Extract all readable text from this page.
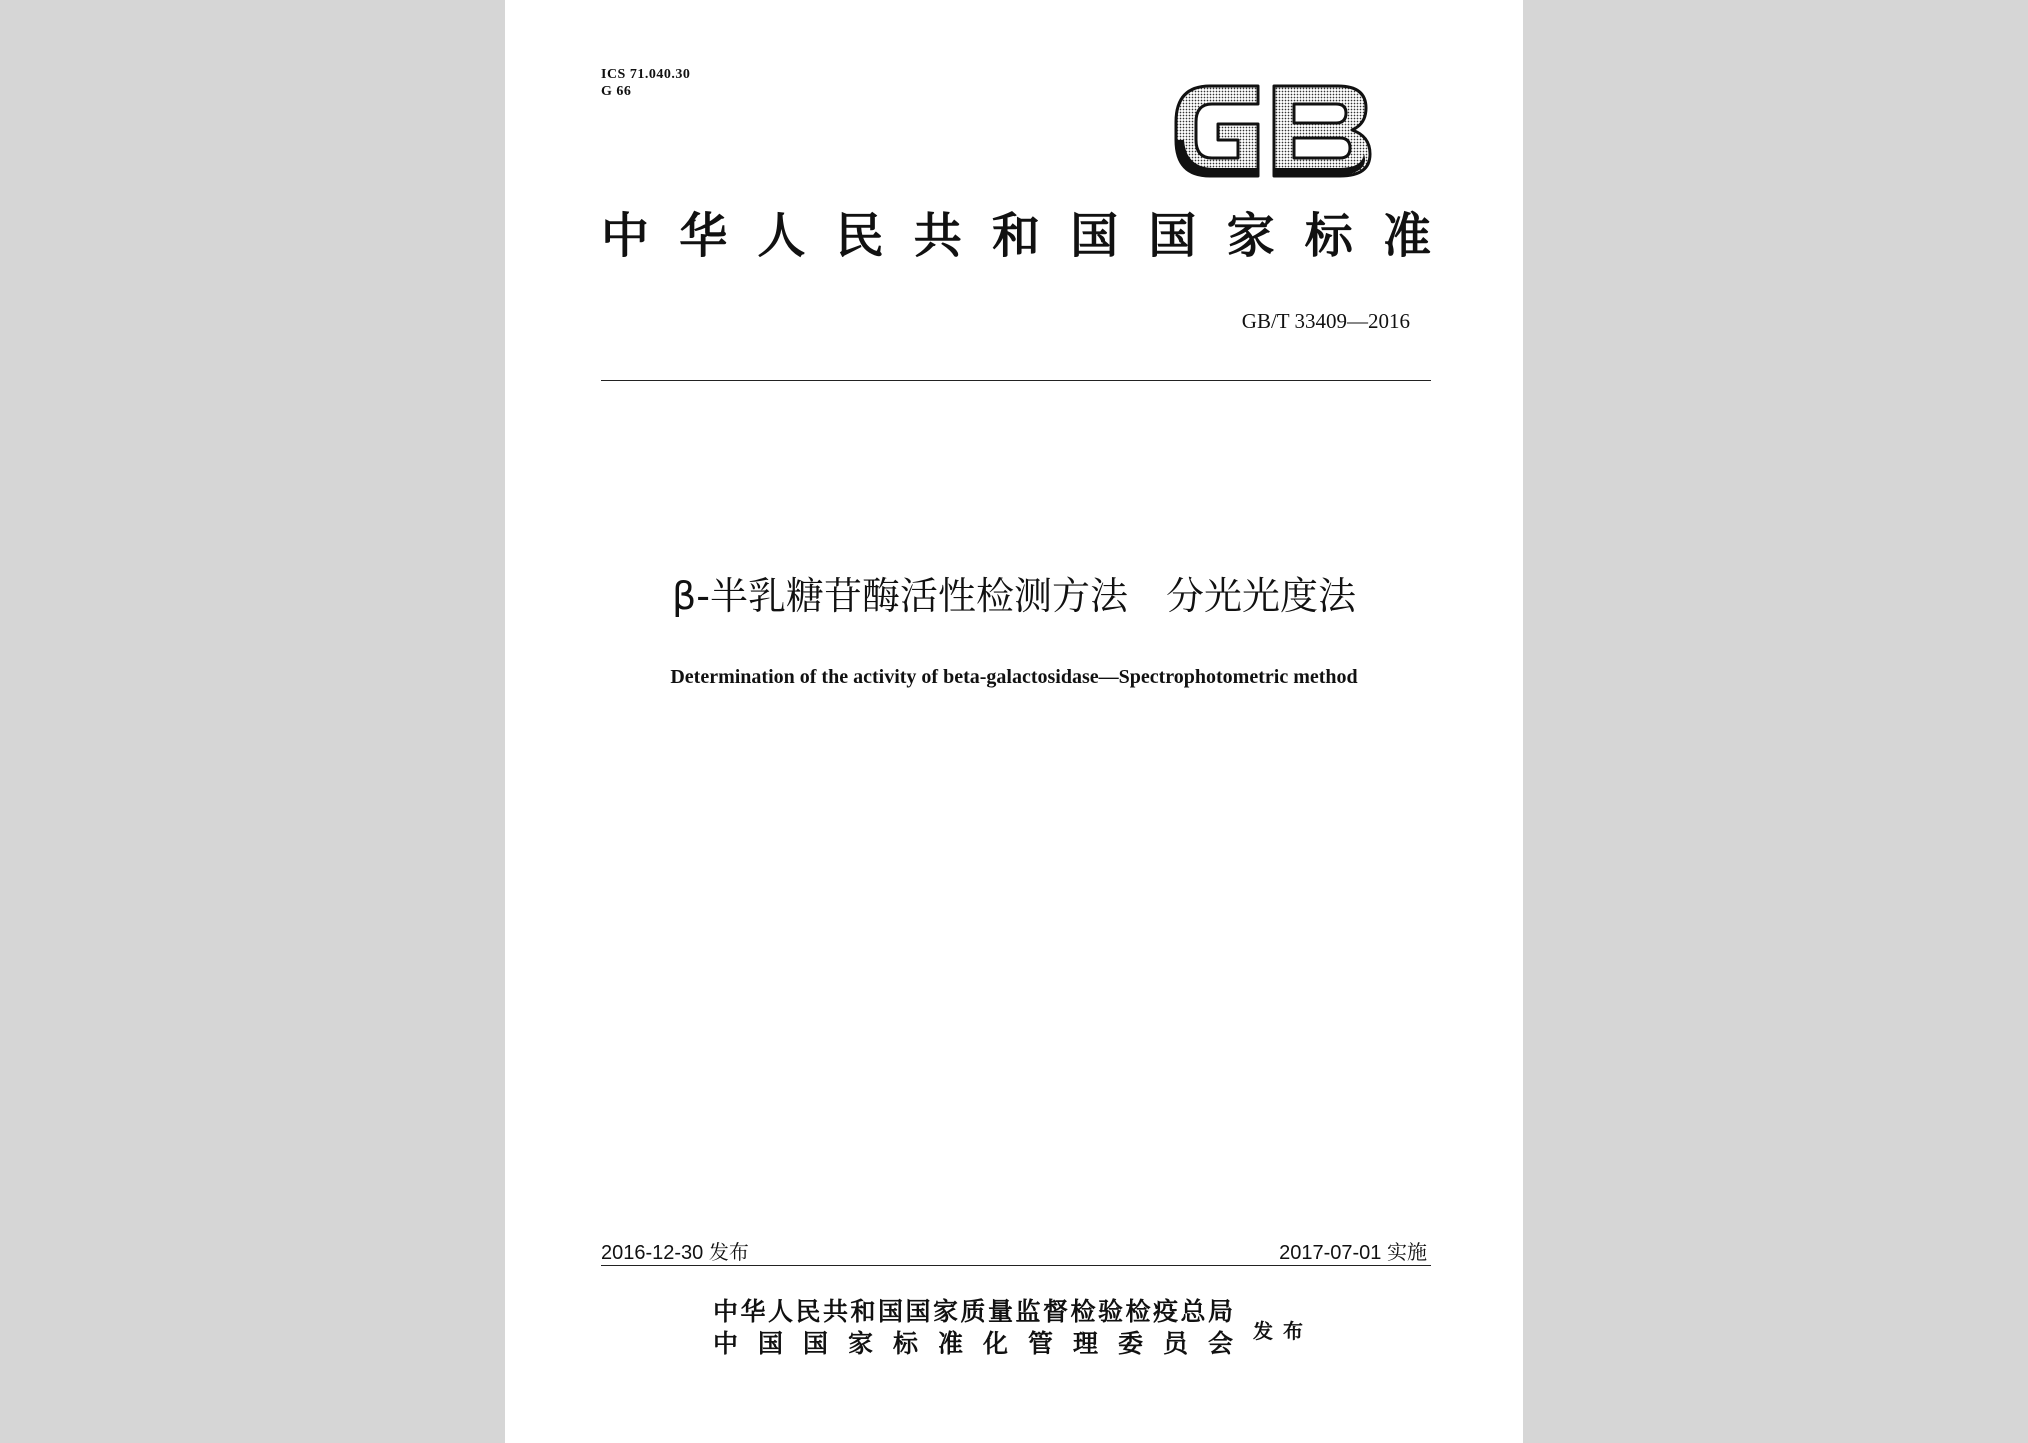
ICS 71.040.30
G 66
中华人民共和国国家标准
GB/T 33409—2016
β-半乳糖苷酶活性检测方法　分光光度法
Determination of the activity of beta-galactosidase—Spectrophotometric method
2016-12-30 发布	2017-07-01 实施
中华人民共和国国家质量监督检验检疫总局
中国国家标准化管理委员会 发布
